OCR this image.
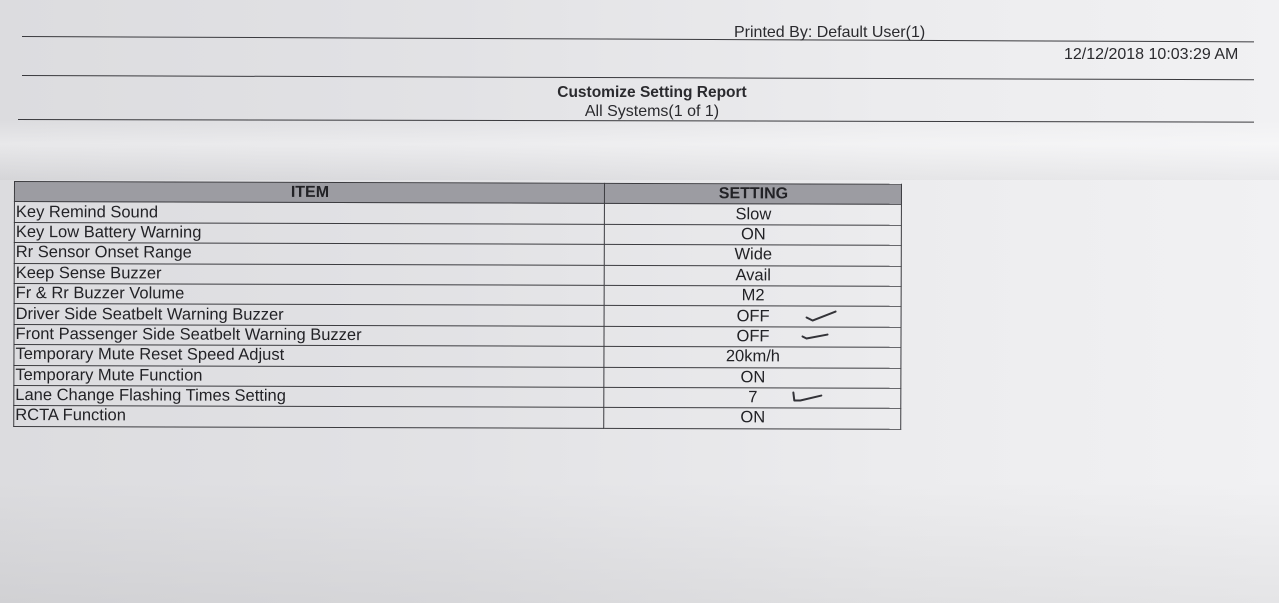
Printed By: Default User(1)
12/12/2018 10:03:29 AM
Customize Setting Report
All Systems(1 of 1)
ITEM	SETTING
Key Remind Sound	Slow
Key Low Battery Warning	ON
Rr Sensor Onset Range	Wide
Keep Sense Buzzer	Avail
Fr & Rr Buzzer Volume	M2
Driver Side Seatbelt Warning Buzzer	OFF

Front Passenger Side Seatbelt Warning Buzzer	OFF

Temporary Mute Reset Speed Adjust	20km/h
Temporary Mute Function	ON
Lane Change Flashing Times Setting	7

RCTA Function	ON
